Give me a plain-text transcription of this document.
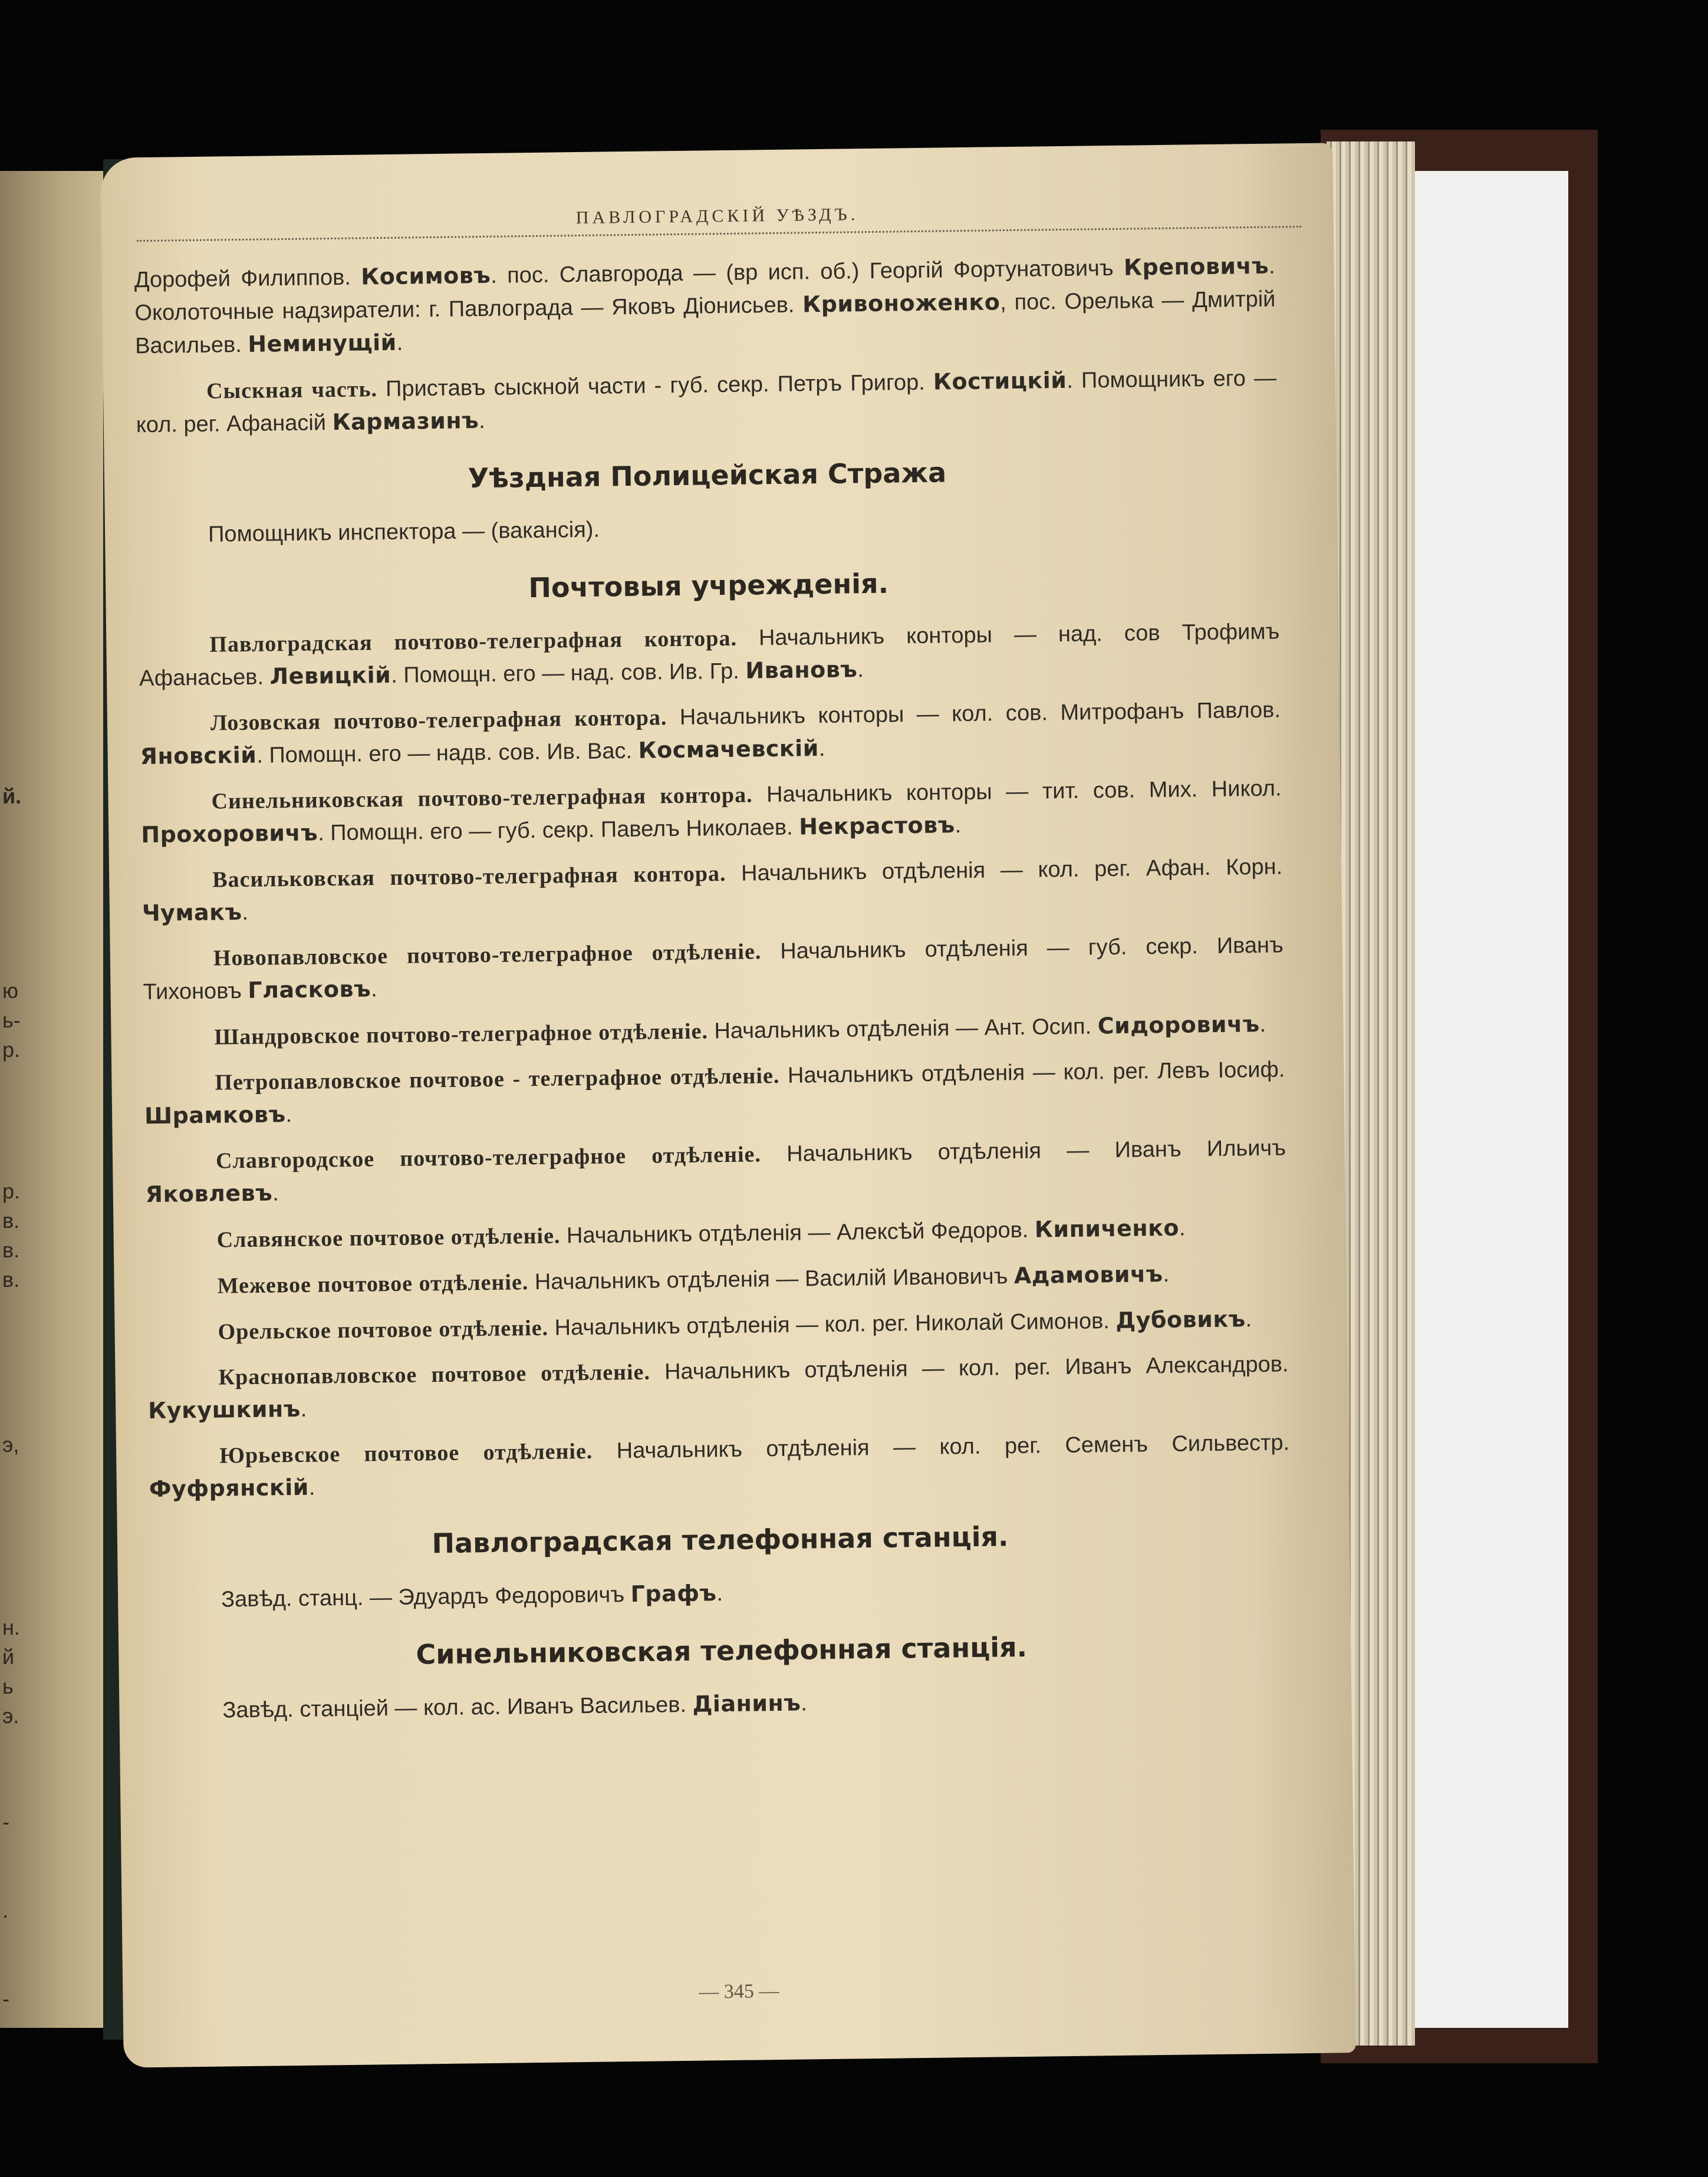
й.
ю
ь-
р.
р.
в.
в.
в.
э,
н.
й
ь
э.
-
.
-
ПАВЛОГРАДСКІЙ УѢЗДЪ.

Дорофей Филиппов. Косимовъ. пос. Славгорода — (вр исп. об.) Георгій Фортунатовичъ Креповичъ. Околоточные надзиратели: г. Павлограда — Яковъ Діонисьев. Кривоноженко, пос. Орелька — Дмитрій Васильев. Неминущій.

Сыскная часть. Приставъ сыскной части - губ. секр. Петръ Григор. Костицкій. Помощникъ его — кол. рег. Афанасій Кармазинъ.

Уѣздная Полицейская Стража

Помощникъ инспектора — (вакансія).

Почтовыя учрежденія.

Павлоградская почтово-телеграфная контора. Начальникъ конторы — над. сов Трофимъ Афанасьев. Левицкій. Помощн. его — над. сов. Ив. Гр. Ивановъ.

Лозовская почтово-телеграфная контора. Начальникъ конторы — кол. сов. Митрофанъ Павлов. Яновскій. Помощн. его — надв. сов. Ив. Вас. Космачевскій.

Синельниковская почтово-телеграфная контора. Начальникъ конторы — тит. сов. Мих. Никол. Прохоровичъ. Помощн. его — губ. секр. Павелъ Николаев. Некрастовъ.

Васильковская почтово-телеграфная контора. Начальникъ отдѣленія — кол. рег. Афан. Корн. Чумакъ.

Новопавловское почтово-телеграфное отдѣленіе. Начальникъ отдѣленія — губ. секр. Иванъ Тихоновъ Гласковъ.

Шандровское почтово-телеграфное отдѣленіе. Начальникъ отдѣленія — Ант. Осип. Сидоровичъ.

Петропавловское почтовое - телеграфное отдѣленіе. Начальникъ отдѣленія — кол. рег. Левъ Іосиф. Шрамковъ.

Славгородское почтово-телеграфное отдѣленіе. Начальникъ отдѣленія — Иванъ Ильичъ Яковлевъ.

Славянское почтовое отдѣленіе. Начальникъ отдѣленія — Алексѣй Федоров. Кипиченко.

Межевое почтовое отдѣленіе. Начальникъ отдѣленія — Василій Ивановичъ Адамовичъ.

Орельское почтовое отдѣленіе. Начальникъ отдѣленія — кол. рег. Николай Симонов. Дубовикъ.

Краснопавловское почтовое отдѣленіе. Начальникъ отдѣленія — кол. рег. Иванъ Александров. Кукушкинъ.

Юрьевское почтовое отдѣленіе. Начальникъ отдѣленія — кол. рег. Семенъ Сильвестр. Фуфрянскій.

Павлоградская телефонная станція.

Завѣд. станц. — Эдуардъ Федоровичъ Графъ.

Синельниковская телефонная станція.

Завѣд. станцiей — кол. ас. Иванъ Васильев. Діанинъ.

— 345 —
